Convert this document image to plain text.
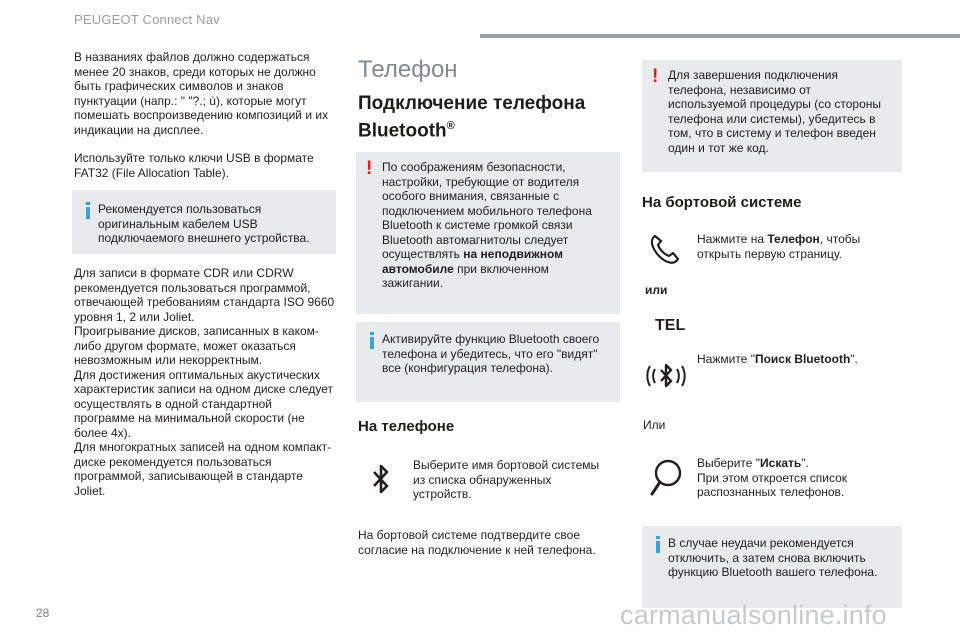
PEUGEOT Connect Nav

В названиях файлов должно содержаться менее 20 знаков, среди которых не должно быть графических символов и знаков пунктуации (напр.: " "?.; ù), которые могут помешать воспроизведению композиций и их индикации на дисплее.

Используйте только ключи USB в формате FAT32 (File Allocation Table).

Рекомендуется пользоваться оригинальным кабелем USB подключаемого внешнего устройства.

Для записи в формате CDR или CDRW рекомендуется пользоваться программой, отвечающей требованиям стандарта ISO 9660 уровня 1, 2 или Joliet.

Проигрывание дисков, записанных в каком-либо другом формате, может оказаться невозможным или некорректным.

Для достижения оптимальных акустических характеристик записи на одном диске следует осуществлять в одной стандартной программе на минимальной скорости (не более 4x).

Для многократных записей на одном компакт-диске рекомендуется пользоваться программой, записывающей в стандарте Joliet.

Телефон
Подключение телефона
Bluetooth®
! По соображениям безопасности, настройки, требующие от водителя особого внимания, связанные с подключением мобильного телефона Bluetooth к системе громкой связи Bluetooth автомагнитолы следует осуществлять на неподвижном автомобиле при включенном зажигании.

Активируйте функцию Bluetooth своего телефона и убедитесь, что его "видят" все (конфигурация телефона).

На телефоне

Выберите имя бортовой системы из списка обнаруженных устройств.

На бортовой системе подтвердите свое согласие на подключение к ней телефона.

! Для завершения подключения телефона, независимо от используемой процедуры (со стороны телефона или системы), убедитесь в том, что в систему и телефон введен один и тот же код.

На бортовой системе

Нажмите на Телефон, чтобы открыть первую страницу.

или
TEL

Нажмите "Поиск Bluetooth".

Или

Выберите "Искать".

При этом откроется список распознанных телефонов.

В случае неудачи рекомендуется отключить, а затем снова включить функцию Bluetooth вашего телефона.

28	carmanualsonline.info
